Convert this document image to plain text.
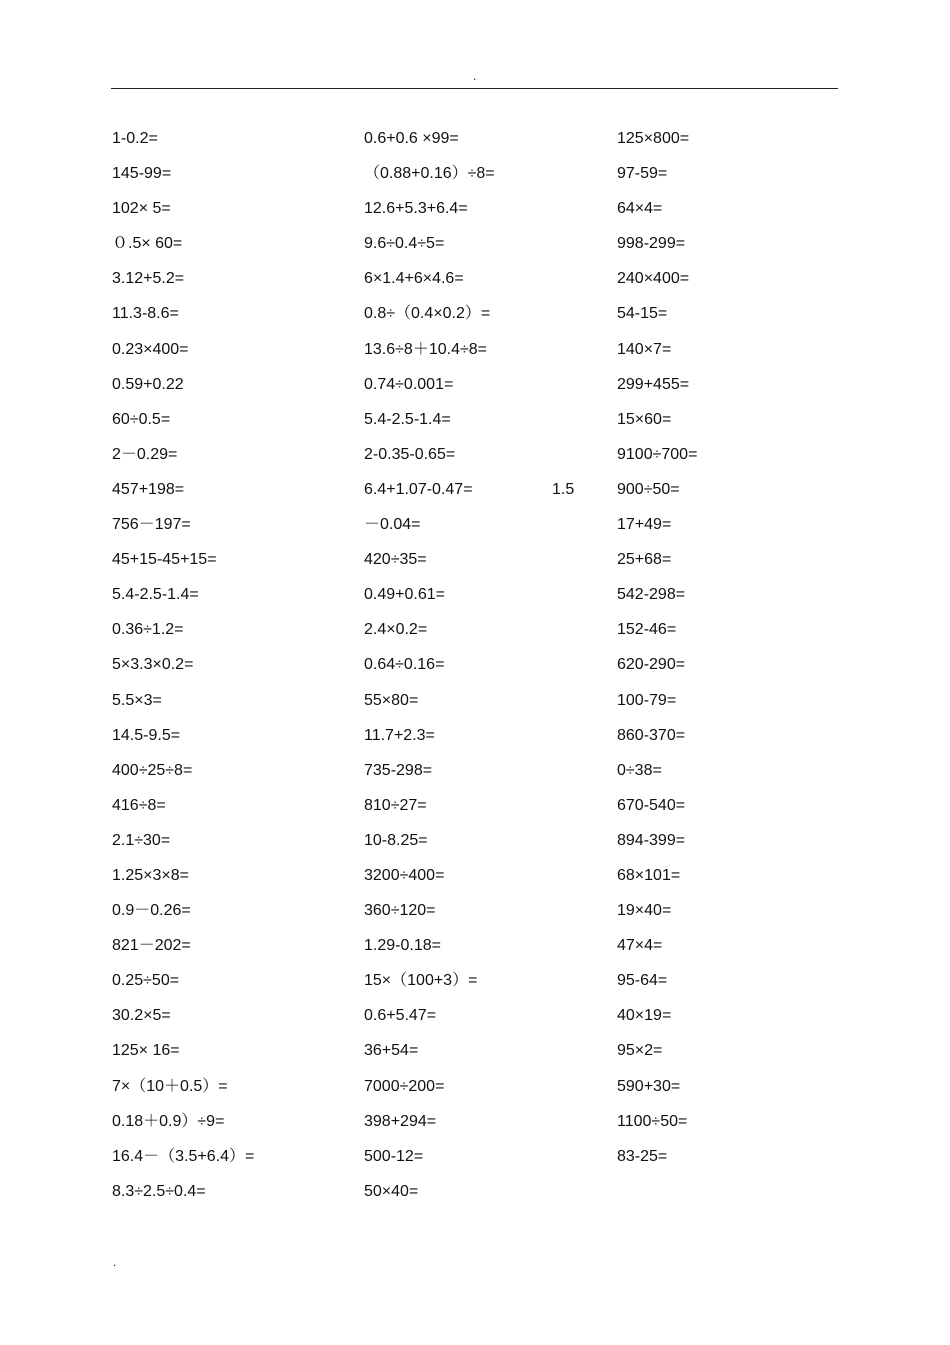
.
1-0.2=
145-99=
102× 5=
０.5× 60=
3.12+5.2=
11.3-8.6=
0.23×400=
0.59+0.22
60÷0.5=
2－0.29=
457+198=
756－197=
45+15-45+15=
5.4-2.5-1.4=
0.36÷1.2=
5×3.3×0.2=
5.5×3=
14.5-9.5=
400÷25÷8=
416÷8=
2.1÷30=
1.25×3×8=
0.9－0.26=
821－202=
0.25÷50=
30.2×5=
125× 16=
7×（10＋0.5）=
0.18＋0.9）÷9=
16.4－（3.5+6.4）=
8.3÷2.5÷0.4=
0.6+0.6 ×99=
（0.88+0.16）÷8=
12.6+5.3+6.4=
9.6÷0.4÷5=
6×1.4+6×4.6=
0.8÷（0.4×0.2）=
13.6÷8＋10.4÷8=
0.74÷0.001=
5.4-2.5-1.4=
2-0.35-0.65=
6.4+1.07-0.47=
－0.04=
420÷35=
0.49+0.61=
2.4×0.2=
0.64÷0.16=
55×80=
11.7+2.3=
735-298=
810÷27=
10-8.25=
3200÷400=
360÷120=
1.29-0.18=
15×（100+3）=
0.6+5.47=
36+54=
7000÷200=
398+294=
500-12=
50×40=
125×800=
97-59=
64×4=
998-299=
240×400=
54-15=
140×7=
299+455=
15×60=
9100÷700=
900÷50=
17+49=
25+68=
542-298=
152-46=
620-290=
100-79=
860-370=
0÷38=
670-540=
894-399=
68×101=
19×40=
47×4=
95-64=
40×19=
95×2=
590+30=
1100÷50=
83-25=
1.5
.
